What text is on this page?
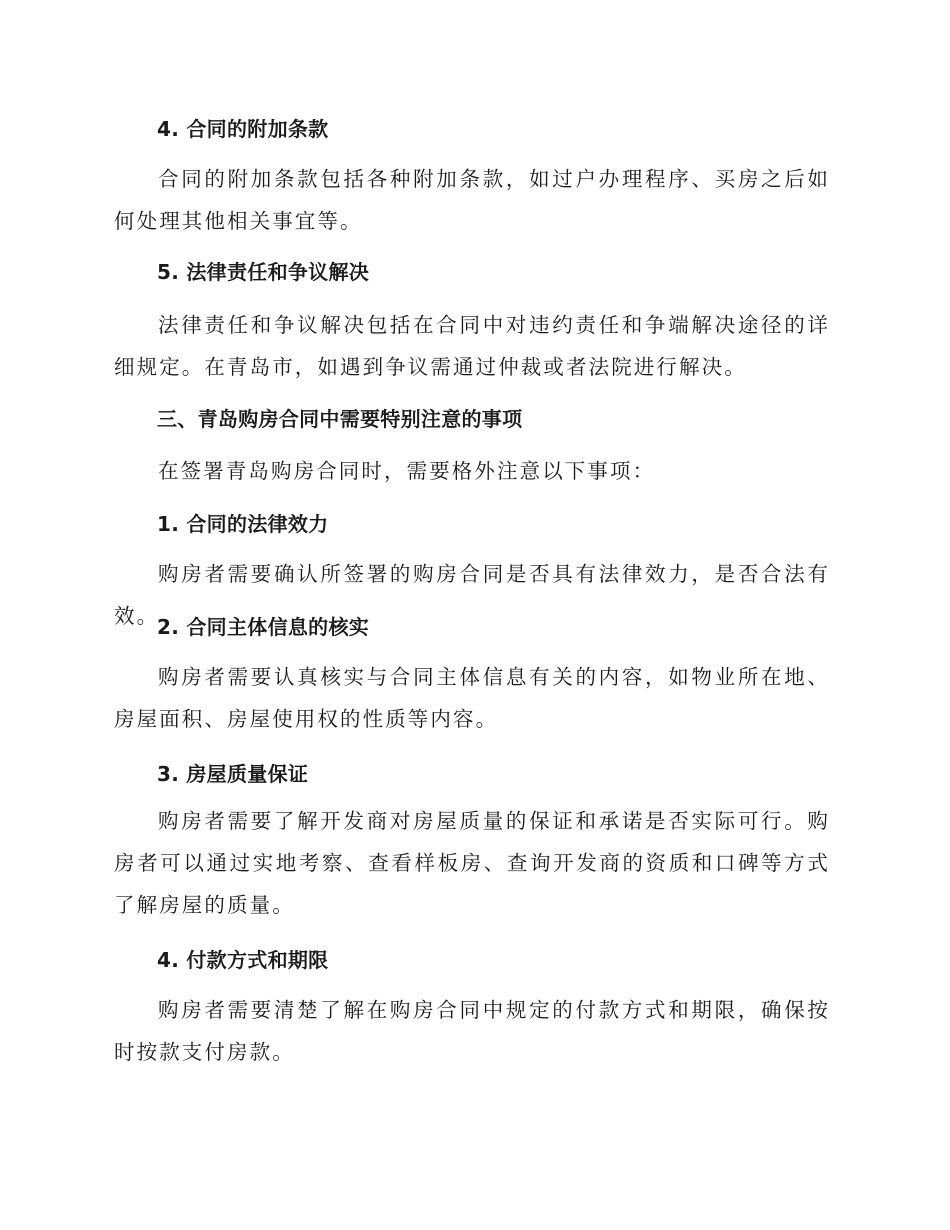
4. 合同的附加条款

合同的附加条款包括各种附加条款，如过户办理程序、买房之后如何处理其他相关事宜等。

5. 法律责任和争议解决

法律责任和争议解决包括在合同中对违约责任和争端解决途径的详细规定。在青岛市，如遇到争议需通过仲裁或者法院进行解决。

三、青岛购房合同中需要特别注意的事项

在签署青岛购房合同时，需要格外注意以下事项：

1. 合同的法律效力

购房者需要确认所签署的购房合同是否具有法律效力，是否合法有效。

2. 合同主体信息的核实

购房者需要认真核实与合同主体信息有关的内容，如物业所在地、房屋面积、房屋使用权的性质等内容。

3. 房屋质量保证

购房者需要了解开发商对房屋质量的保证和承诺是否实际可行。购房者可以通过实地考察、查看样板房、查询开发商的资质和口碑等方式了解房屋的质量。

4. 付款方式和期限

购房者需要清楚了解在购房合同中规定的付款方式和期限，确保按时按款支付房款。
